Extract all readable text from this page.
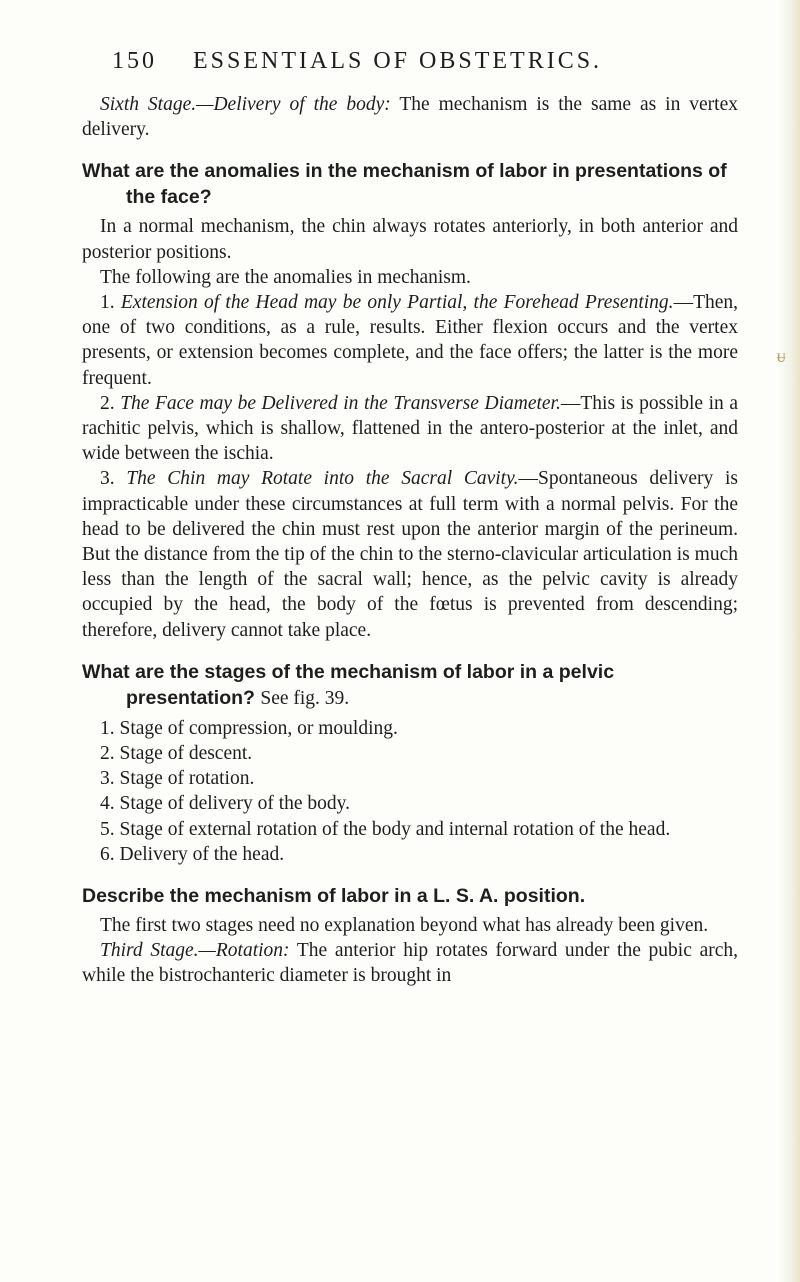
150 ESSENTIALS OF OBSTETRICS.

Sixth Stage.—Delivery of the body: The mechanism is the same as in vertex delivery.

What are the anomalies in the mechanism of labor in presentations of the face?

In a normal mechanism, the chin always rotates anteriorly, in both anterior and posterior positions.

The following are the anomalies in mechanism.

1. Extension of the Head may be only Partial, the Forehead Presenting.—Then, one of two conditions, as a rule, results. Either flexion occurs and the vertex presents, or extension becomes complete, and the face offers; the latter is the more frequent.

2. The Face may be Delivered in the Transverse Diameter.—This is possible in a rachitic pelvis, which is shallow, flattened in the antero-posterior at the inlet, and wide between the ischia.

3. The Chin may Rotate into the Sacral Cavity.—Spontaneous delivery is impracticable under these circumstances at full term with a normal pelvis. For the head to be delivered the chin must rest upon the anterior margin of the perineum. But the distance from the tip of the chin to the sterno-clavicular articulation is much less than the length of the sacral wall; hence, as the pelvic cavity is already occupied by the head, the body of the fœtus is prevented from descending; therefore, delivery cannot take place.

What are the stages of the mechanism of labor in a pelvic presentation? See fig. 39.

1. Stage of compression, or moulding.

2. Stage of descent.

3. Stage of rotation.

4. Stage of delivery of the body.

5. Stage of external rotation of the body and internal rotation of the head.

6. Delivery of the head.

Describe the mechanism of labor in a L. S. A. position.

The first two stages need no explanation beyond what has already been given.

Third Stage.—Rotation: The anterior hip rotates forward under the pubic arch, while the bistrochanteric diameter is brought in

ᵾ
